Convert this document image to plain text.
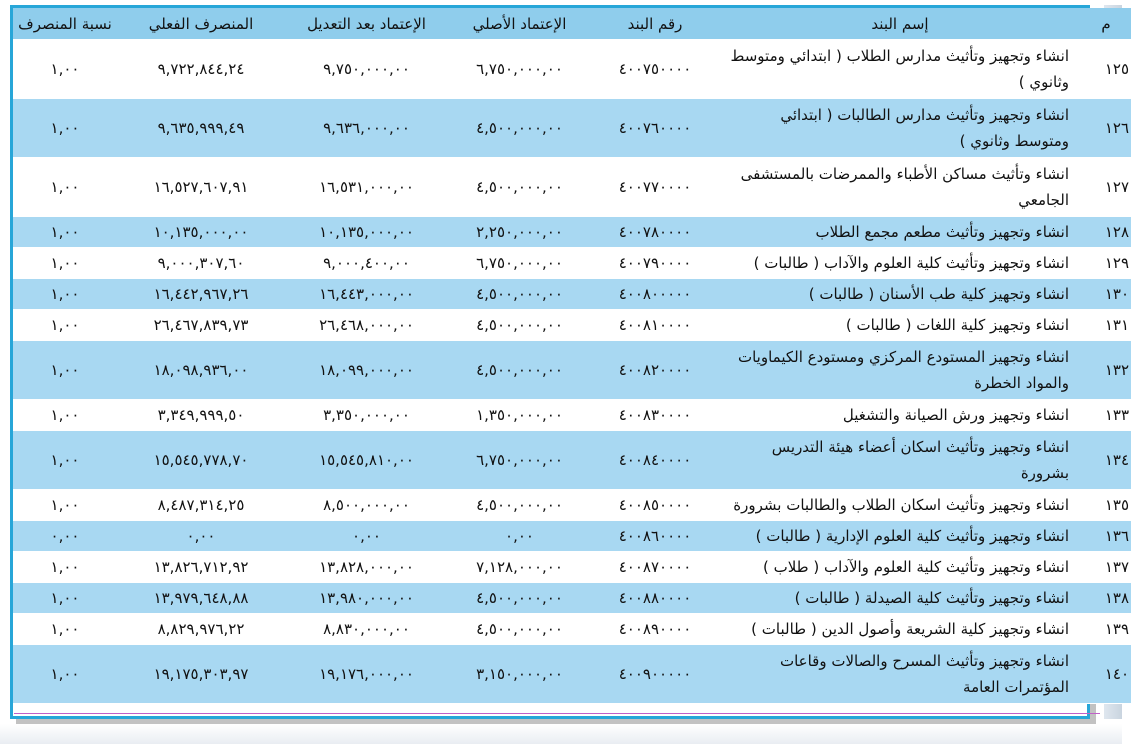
م	إسم البند	رقم البند	الإعتماد الأصلي	الإعتماد بعد التعديل	المنصرف الفعلي	نسبة المنصرف
١٢٥	انشاء وتجهيز وتأثيث مدارس الطلاب ( ابتدائي ومتوسط وثانوي )	٤٠٠٧٥٠٠٠٠	٦,٧٥٠,٠٠٠,٠٠	٩,٧٥٠,٠٠٠,٠٠	٩,٧٢٢,٨٤٤,٢٤	١,٠٠
١٢٦	انشاء وتجهيز وتأثيث مدارس الطالبات ( ابتدائي ومتوسط وثانوي )	٤٠٠٧٦٠٠٠٠	٤,٥٠٠,٠٠٠,٠٠	٩,٦٣٦,٠٠٠,٠٠	٩,٦٣٥,٩٩٩,٤٩	١,٠٠
١٢٧	انشاء وتأثيث مساكن الأطباء والممرضات بالمستشفى الجامعي	٤٠٠٧٧٠٠٠٠	٤,٥٠٠,٠٠٠,٠٠	١٦,٥٣١,٠٠٠,٠٠	١٦,٥٢٧,٦٠٧,٩١	١,٠٠
١٢٨	انشاء وتجهيز وتأثيث مطعم مجمع الطلاب	٤٠٠٧٨٠٠٠٠	٢,٢٥٠,٠٠٠,٠٠	١٠,١٣٥,٠٠٠,٠٠	١٠,١٣٥,٠٠٠,٠٠	١,٠٠
١٢٩	انشاء وتجهيز وتأثيث كلية العلوم والآداب ( طالبات )	٤٠٠٧٩٠٠٠٠	٦,٧٥٠,٠٠٠,٠٠	٩,٠٠٠,٤٠٠,٠٠	٩,٠٠٠,٣٠٧,٦٠	١,٠٠
١٣٠	انشاء وتجهيز كلية طب الأسنان ( طالبات )	٤٠٠٨٠٠٠٠٠	٤,٥٠٠,٠٠٠,٠٠	١٦,٤٤٣,٠٠٠,٠٠	١٦,٤٤٢,٩٦٧,٢٦	١,٠٠
١٣١	انشاء وتجهيز كلية اللغات ( طالبات )	٤٠٠٨١٠٠٠٠	٤,٥٠٠,٠٠٠,٠٠	٢٦,٤٦٨,٠٠٠,٠٠	٢٦,٤٦٧,٨٣٩,٧٣	١,٠٠
١٣٢	انشاء وتجهيز المستودع المركزي ومستودع الكيماويات والمواد الخطرة	٤٠٠٨٢٠٠٠٠	٤,٥٠٠,٠٠٠,٠٠	١٨,٠٩٩,٠٠٠,٠٠	١٨,٠٩٨,٩٣٦,٠٠	١,٠٠
١٣٣	انشاء وتجهيز ورش الصيانة والتشغيل	٤٠٠٨٣٠٠٠٠	١,٣٥٠,٠٠٠,٠٠	٣,٣٥٠,٠٠٠,٠٠	٣,٣٤٩,٩٩٩,٥٠	١,٠٠
١٣٤	انشاء وتجهيز وتأثيث اسكان أعضاء هيئة التدريس بشرورة	٤٠٠٨٤٠٠٠٠	٦,٧٥٠,٠٠٠,٠٠	١٥,٥٤٥,٨١٠,٠٠	١٥,٥٤٥,٧٧٨,٧٠	١,٠٠
١٣٥	انشاء وتجهيز وتأثيث اسكان الطلاب والطالبات بشرورة	٤٠٠٨٥٠٠٠٠	٤,٥٠٠,٠٠٠,٠٠	٨,٥٠٠,٠٠٠,٠٠	٨,٤٨٧,٣١٤,٢٥	١,٠٠
١٣٦	انشاء وتجهيز وتأثيث كلية العلوم الإدارية ( طالبات )	٤٠٠٨٦٠٠٠٠	٠,٠٠	٠,٠٠	٠,٠٠	٠,٠٠
١٣٧	انشاء وتجهيز وتأثيث كلية العلوم والآداب ( طلاب )	٤٠٠٨٧٠٠٠٠	٧,١٢٨,٠٠٠,٠٠	١٣,٨٢٨,٠٠٠,٠٠	١٣,٨٢٦,٧١٢,٩٢	١,٠٠
١٣٨	انشاء وتجهيز وتأثيث كلية الصيدلة ( طالبات )	٤٠٠٨٨٠٠٠٠	٤,٥٠٠,٠٠٠,٠٠	١٣,٩٨٠,٠٠٠,٠٠	١٣,٩٧٩,٦٤٨,٨٨	١,٠٠
١٣٩	انشاء وتجهيز كلية الشريعة وأصول الدين ( طالبات )	٤٠٠٨٩٠٠٠٠	٤,٥٠٠,٠٠٠,٠٠	٨,٨٣٠,٠٠٠,٠٠	٨,٨٢٩,٩٧٦,٢٢	١,٠٠
١٤٠	انشاء وتجهيز وتأثيث المسرح والصالات وقاعات المؤتمرات العامة	٤٠٠٩٠٠٠٠٠	٣,١٥٠,٠٠٠,٠٠	١٩,١٧٦,٠٠٠,٠٠	١٩,١٧٥,٣٠٣,٩٧	١,٠٠
